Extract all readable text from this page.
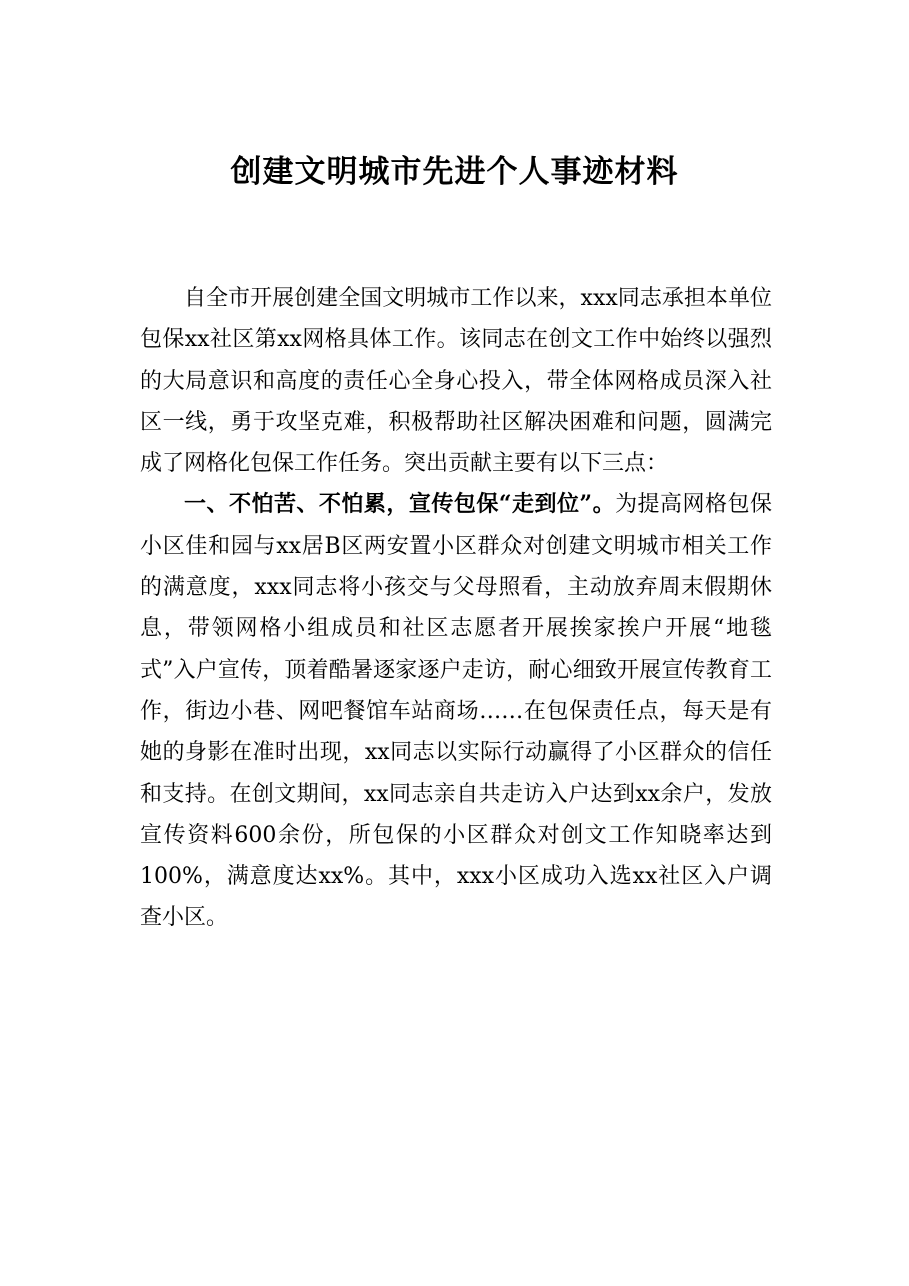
创建文明城市先进个人事迹材料

自全市开展创建全国文明城市工作以来，xxx同志承担本单位包保xx社区第xx网格具体工作。该同志在创文工作中始终以强烈的大局意识和高度的责任心全身心投入，带全体网格成员深入社区一线，勇于攻坚克难，积极帮助社区解决困难和问题，圆满完成了网格化包保工作任务。突出贡献主要有以下三点：

一、不怕苦、不怕累，宣传包保“走到位”。为提高网格包保小区佳和园与xx居B区两安置小区群众对创建文明城市相关工作的满意度，xxx同志将小孩交与父母照看，主动放弃周末假期休息，带领网格小组成员和社区志愿者开展挨家挨户开展“地毯式”入户宣传，顶着酷暑逐家逐户走访，耐心细致开展宣传教育工作，街边小巷、网吧餐馆车站商场……在包保责任点，每天是有她的身影在准时出现，xx同志以实际行动赢得了小区群众的信任和支持。在创文期间，xx同志亲自共走访入户达到xx余户，发放宣传资料600余份，所包保的小区群众对创文工作知晓率达到100%，满意度达xx%。其中，xxx小区成功入选xx社区入户调查小区。
